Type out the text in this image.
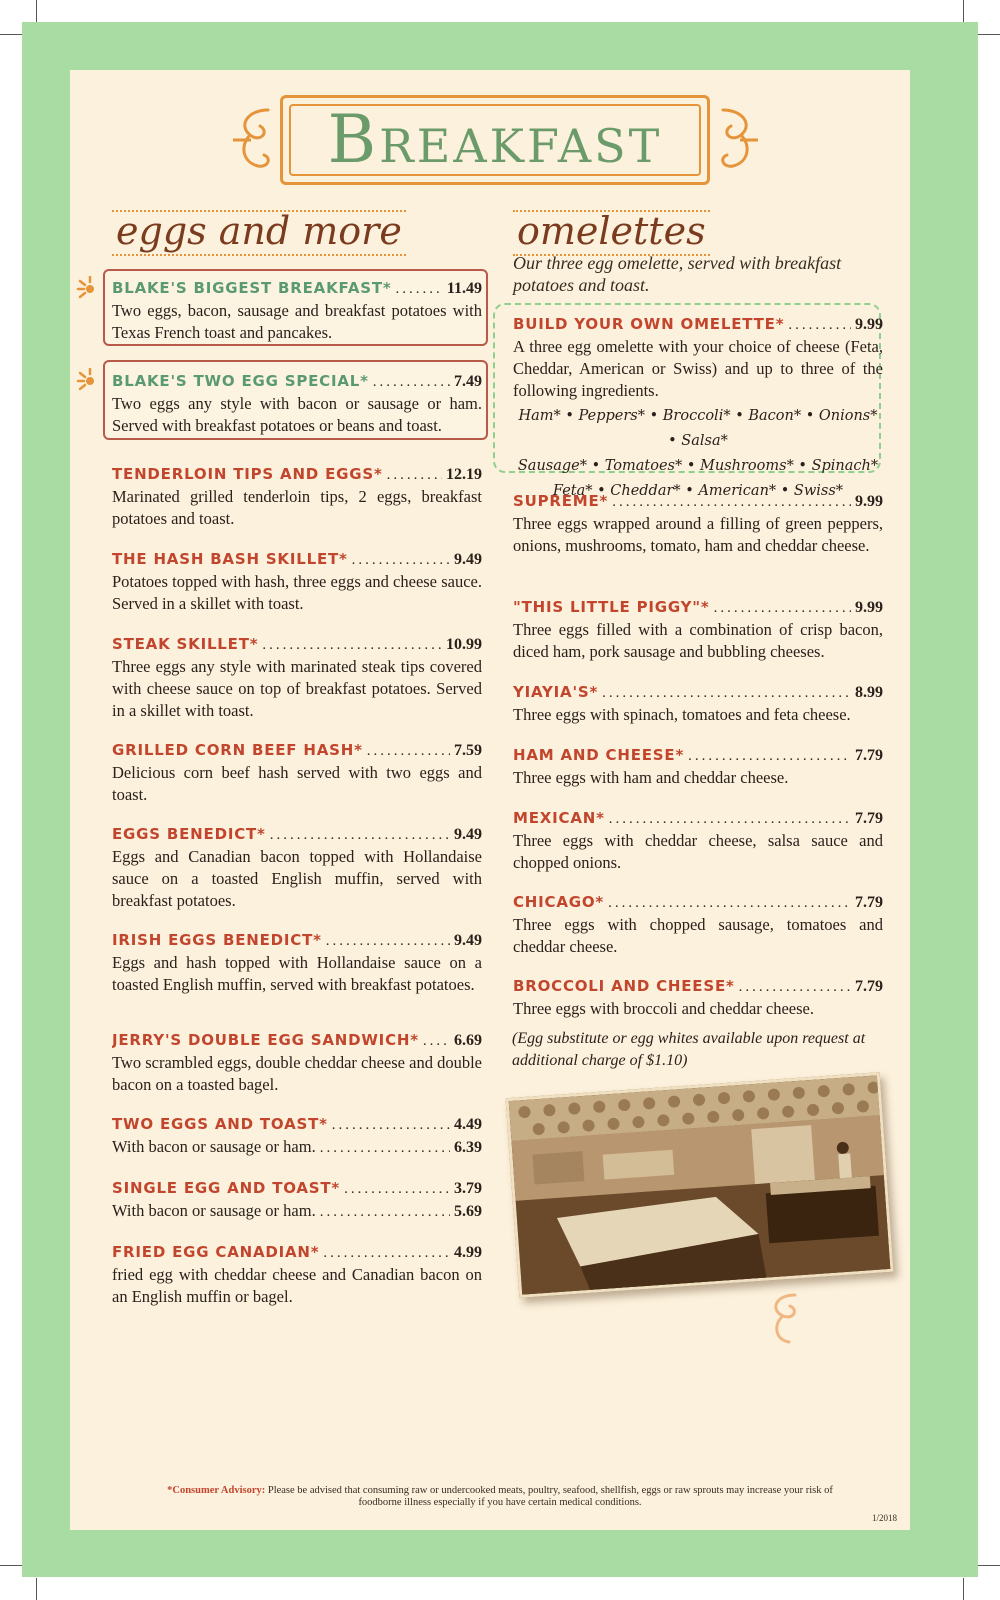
Breakfast
eggs and more
BLAKE'S BIGGEST BREAKFAST* .....	11.49
Two eggs, bacon, sausage and breakfast potatoes with Texas French toast and pancakes.
BLAKE'S TWO EGG SPECIAL* .....	7.49
Two eggs any style with bacon or sausage or ham. Served with breakfast potatoes or beans and toast.
TENDERLOIN TIPS AND EGGS* .....	12.19
Marinated grilled tenderloin tips, 2 eggs, breakfast potatoes and toast.
THE HASH BASH SKILLET* .....	9.49
Potatoes topped with hash, three eggs and cheese sauce. Served in a skillet with toast.
STEAK SKILLET* .....	10.99
Three eggs any style with marinated steak tips covered with cheese sauce on top of breakfast potatoes. Served in a skillet with toast.
GRILLED CORN BEEF HASH* .....	7.59
Delicious corn beef hash served with two eggs and toast.
EGGS BENEDICT* .....	9.49
Eggs and Canadian bacon topped with Hollandaise sauce on a toasted English muffin, served with breakfast potatoes.
IRISH EGGS BENEDICT* .....	9.49
Eggs and hash topped with Hollandaise sauce on a toasted English muffin, served with breakfast potatoes.
JERRY'S DOUBLE EGG SANDWICH* ..... 6.69
Two scrambled eggs, double cheddar cheese and double bacon on a toasted bagel.
TWO EGGS AND TOAST* .....	4.49
With bacon or sausage or ham. .....	6.39
SINGLE EGG AND TOAST* .....	3.79
With bacon or sausage or ham. .....	5.69
FRIED EGG CANADIAN* .....	4.99
fried egg with cheddar cheese and Canadian bacon on an English muffin or bagel.
omelettes
Our three egg omelette, served with breakfast potatoes and toast.
BUILD YOUR OWN OMELETTE* .....	9.99
A three egg omelette with your choice of cheese (Feta, Cheddar, American or Swiss) and up to three of the following ingredients.
Ham* • Peppers* • Broccoli* • Bacon* • Onions* • Salsa*
Sausage* • Tomatoes* • Mushrooms* • Spinach*
Feta* • Cheddar* • American* • Swiss*
SUPREME* .....	9.99
Three eggs wrapped around a filling of green peppers, onions, mushrooms, tomato, ham and cheddar cheese.
"THIS LITTLE PIGGY"* .....	9.99
Three eggs filled with a combination of crisp bacon, diced ham, pork sausage and bubbling cheeses.
YIAYIA'S* .....	8.99
Three eggs with spinach, tomatoes and feta cheese.
HAM AND CHEESE* .....	7.79
Three eggs with ham and cheddar cheese.
MEXICAN* .....	7.79
Three eggs with cheddar cheese, salsa sauce and chopped onions.
CHICAGO* .....	7.79
Three eggs with chopped sausage, tomatoes and cheddar cheese.
BROCCOLI AND CHEESE* .....	7.79
Three eggs with broccoli and cheddar cheese.
(Egg substitute or egg whites available upon request at additional charge of $1.10)
*Consumer Advisory: Please be advised that consuming raw or undercooked meats, poultry, seafood, shellfish, eggs or raw sprouts may increase your risk of foodborne illness especially if you have certain medical conditions.
1/2018
